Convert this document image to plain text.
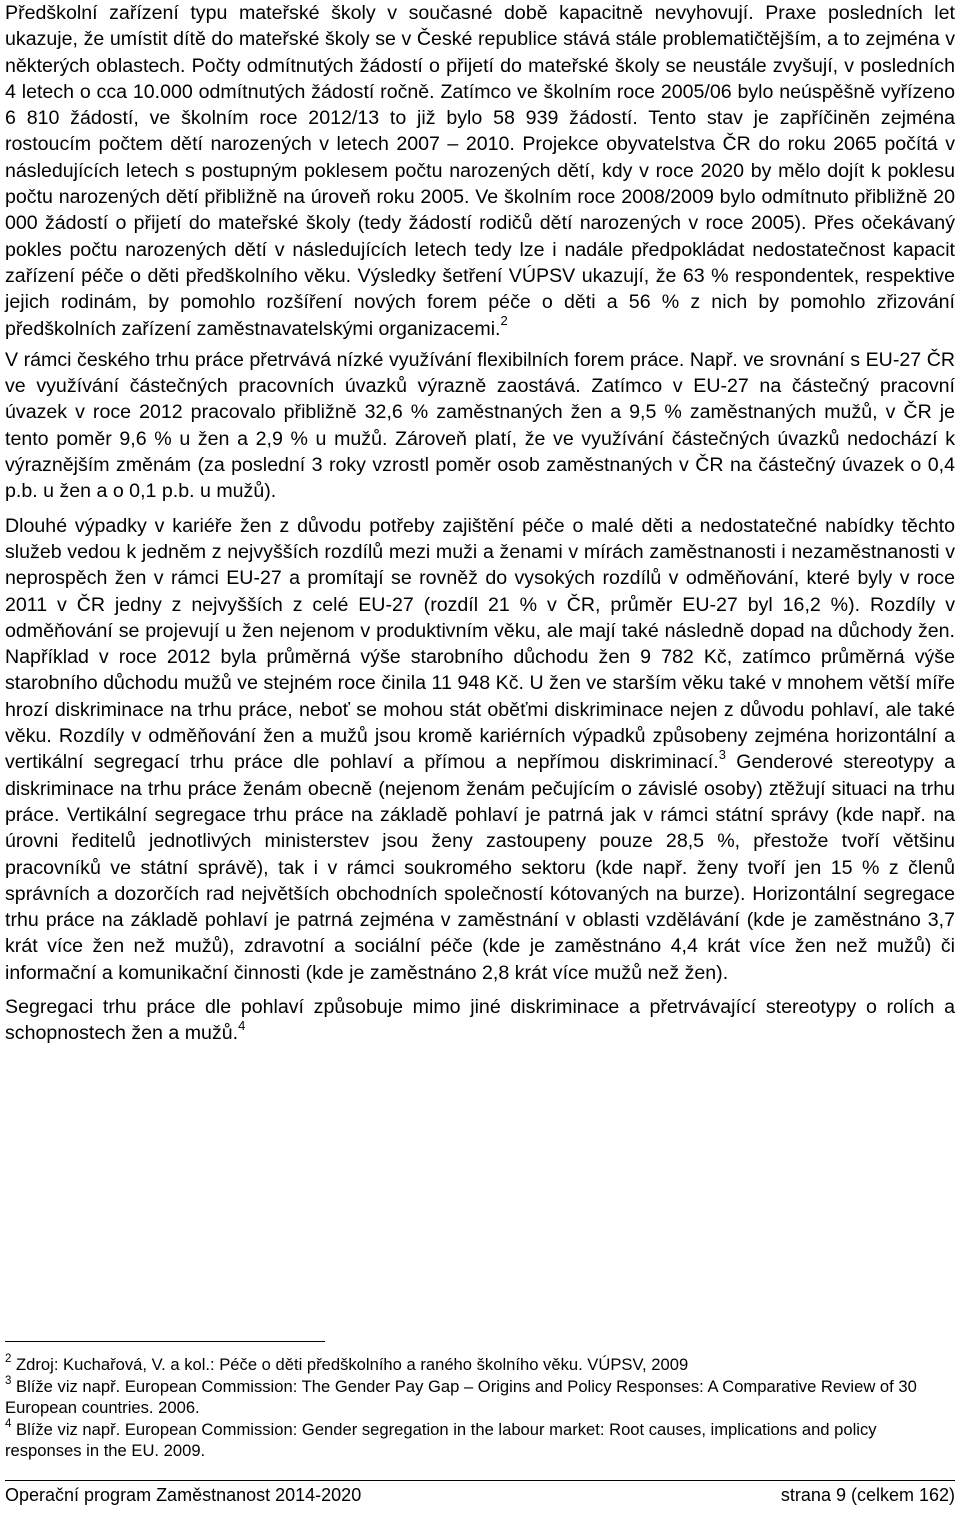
Předškolní zařízení typu mateřské školy v současné době kapacitně nevyhovují. Praxe posledních let ukazuje, že umístit dítě do mateřské školy se v České republice stává stále problematičtějším, a to zejména v některých oblastech. Počty odmítnutých žádostí o přijetí do mateřské školy se neustále zvyšují, v posledních 4 letech o cca 10.000 odmítnutých žádostí ročně. Zatímco ve školním roce 2005/06 bylo neúspěšně vyřízeno 6 810 žádostí, ve školním roce 2012/13 to již bylo 58 939 žádostí. Tento stav je zapříčiněn zejména rostoucím počtem dětí narozených v letech 2007 – 2010. Projekce obyvatelstva ČR do roku 2065 počítá v následujících letech s postupným poklesem počtu narozených dětí, kdy v roce 2020 by mělo dojít k poklesu počtu narozených dětí přibližně na úroveň roku 2005. Ve školním roce 2008/2009 bylo odmítnuto přibližně 20 000 žádostí o přijetí do mateřské školy (tedy žádostí rodičů dětí narozených v roce 2005). Přes očekávaný pokles počtu narozených dětí v následujících letech tedy lze i nadále předpokládat nedostatečnost kapacit zařízení péče o děti předškolního věku. Výsledky šetření VÚPSV ukazují, že 63 % respondentek, respektive jejich rodinám, by pomohlo rozšíření nových forem péče o děti a 56 % z nich by pomohlo zřizování předškolních zařízení zaměstnavatelskými organizacemi.$^2$

V rámci českého trhu práce přetrvává nízké využívání flexibilních forem práce. Např. ve srovnání s EU-27 ČR ve využívání částečných pracovních úvazků výrazně zaostává. Zatímco v EU-27 na částečný pracovní úvazek v roce 2012 pracovalo přibližně 32,6 % zaměstnaných žen a 9,5 % zaměstnaných mužů, v ČR je tento poměr 9,6 % u žen a 2,9 % u mužů. Zároveň platí, že ve využívání částečných úvazků nedochází k výraznějším změnám (za poslední 3 roky vzrostl poměr osob zaměstnaných v ČR na částečný úvazek o 0,4 p.b. u žen a o 0,1 p.b. u mužů).

Dlouhé výpadky v kariéře žen z důvodu potřeby zajištění péče o malé děti a nedostatečné nabídky těchto služeb vedou k jedněm z nejvyšších rozdílů mezi muži a ženami v mírách zaměstnanosti i nezaměstnanosti v neprospěch žen v rámci EU-27 a promítají se rovněž do vysokých rozdílů v odměňování, které byly v roce 2011 v ČR jedny z nejvyšších z celé EU-27 (rozdíl 21 % v ČR, průměr EU-27 byl 16,2 %). Rozdíly v odměňování se projevují u žen nejenom v produktivním věku, ale mají také následně dopad na důchody žen. Například v roce 2012 byla průměrná výše starobního důchodu žen 9 782 Kč, zatímco průměrná výše starobního důchodu mužů ve stejném roce činila 11 948 Kč. U žen ve starším věku také v mnohem větší míře hrozí diskriminace na trhu práce, neboť se mohou stát oběťmi diskriminace nejen z důvodu pohlaví, ale také věku. Rozdíly v odměňování žen a mužů jsou kromě kariérních výpadků způsobeny zejména horizontální a vertikální segregací trhu práce dle pohlaví a přímou a nepřímou diskriminací.$^3$ Genderové stereotypy a diskriminace na trhu práce ženám obecně (nejenom ženám pečujícím o závislé osoby) ztěžují situaci na trhu práce. Vertikální segregace trhu práce na základě pohlaví je patrná jak v rámci státní správy (kde např. na úrovni ředitelů jednotlivých ministerstev jsou ženy zastoupeny pouze 28,5 %, přestože tvoří většinu pracovníků ve státní správě), tak i v rámci soukromého sektoru (kde např. ženy tvoří jen 15 % z členů správních a dozorčích rad největších obchodních společností kótovaných na burze). Horizontální segregace trhu práce na základě pohlaví je patrná zejména v zaměstnání v oblasti vzdělávání (kde je zaměstnáno 3,7 krát více žen než mužů), zdravotní a sociální péče (kde je zaměstnáno 4,4 krát více žen než mužů) či informační a komunikační činnosti (kde je zaměstnáno 2,8 krát více mužů než žen).

Segregaci trhu práce dle pohlaví způsobuje mimo jiné diskriminace a přetrvávající stereotypy o rolích a schopnostech žen a mužů.$^4$

$^2$ Zdroj: Kuchařová, V. a kol.: Péče o děti předškolního a raného školního věku. VÚPSV, 2009

$^3$ Blíže viz např. European Commission: The Gender Pay Gap – Origins and Policy Responses: A Comparative Review of 30 European countries. 2006.

$^4$ Blíže viz např. European Commission: Gender segregation in the labour market: Root causes, implications and policy responses in the EU. 2009.

Operační program Zaměstnanost 2014-2020	strana 9 (celkem 162)
